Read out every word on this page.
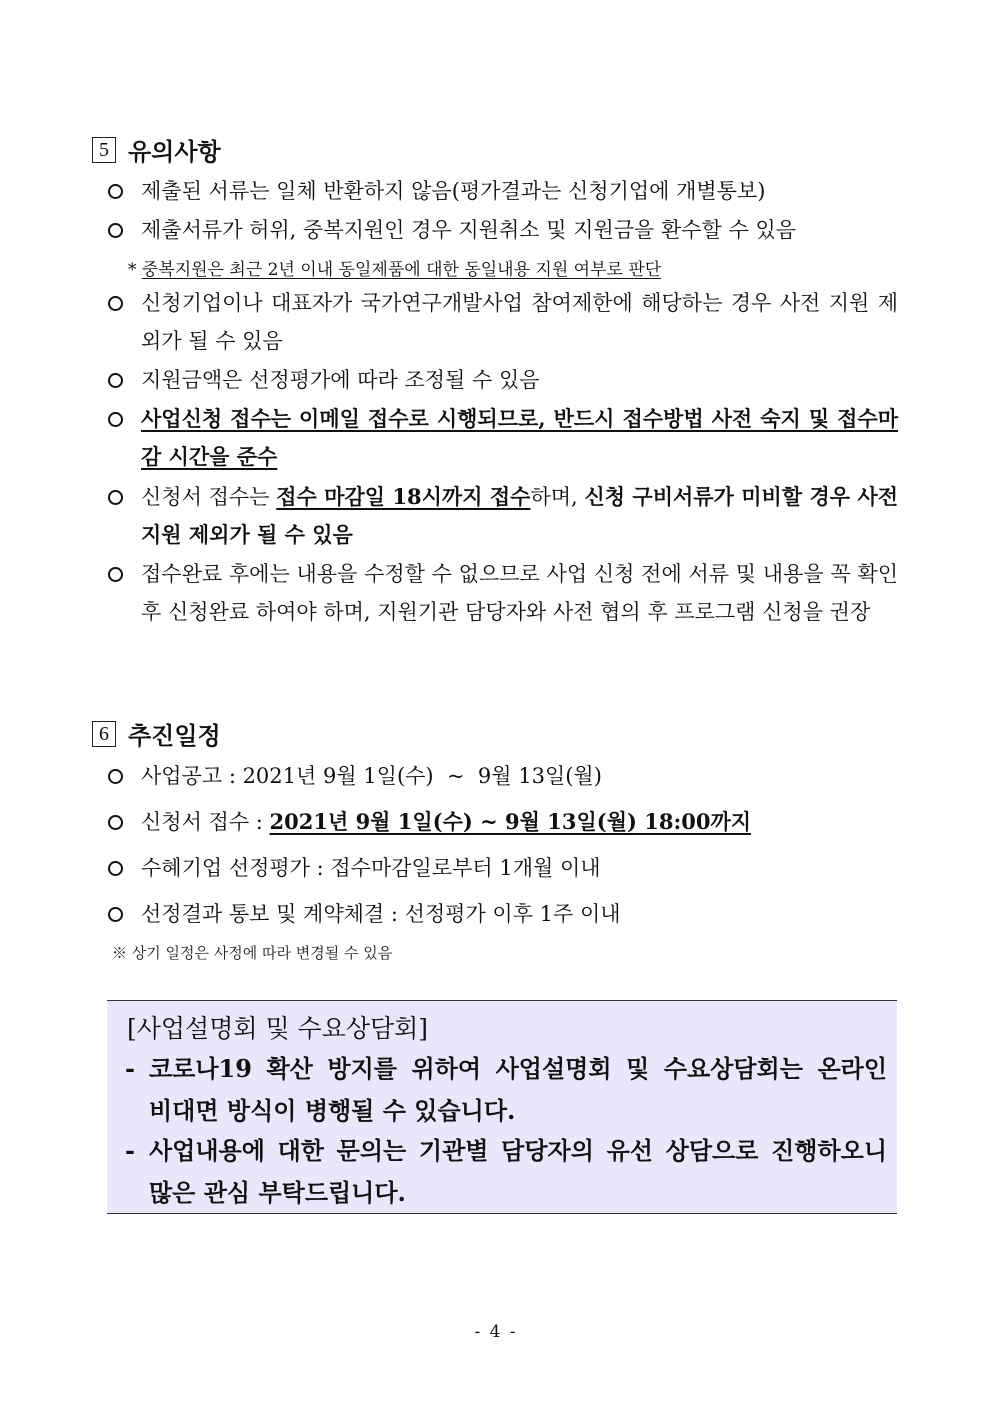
5 유의사항
제출된 서류는 일체 반환하지 않음(평가결과는 신청기업에 개별통보)
제출서류가 허위, 중복지원인 경우 지원취소 및 지원금을 환수할 수 있음
* 중복지원은 최근 2년 이내 동일제품에 대한 동일내용 지원 여부로 판단
신청기업이나 대표자가 국가연구개발사업 참여제한에 해당하는 경우 사전 지원 제외가 될 수 있음
지원금액은 선정평가에 따라 조정될 수 있음
사업신청 접수는 이메일 접수로 시행되므로, 반드시 접수방법 사전 숙지 및 접수마감 시간을 준수
신청서 접수는 접수 마감일 18시까지 접수하며, 신청 구비서류가 미비할 경우 사전 지원 제외가 될 수 있음
접수완료 후에는 내용을 수정할 수 없으므로 사업 신청 전에 서류 및 내용을 꼭 확인 후 신청완료 하여야 하며, 지원기관 담당자와 사전 협의 후 프로그램 신청을 권장
6 추진일정
사업공고 : 2021년 9월 1일(수)  ~  9월 13일(월)
신청서 접수 : 2021년 9월 1일(수) ~ 9월 13일(월) 18:00까지
수혜기업 선정평가 : 접수마감일로부터 1개월 이내
선정결과 통보 및 계약체결 : 선정평가 이후 1주 이내
※ 상기 일정은 사정에 따라 변경될 수 있음
[사업설명회 및 수요상담회]
- 코로나19 확산 방지를 위하여 사업설명회 및 수요상담회는 온라인
비대면 방식이 병행될 수 있습니다.
- 사업내용에 대한 문의는 기관별 담당자의 유선 상담으로 진행하오니
많은 관심 부탁드립니다.
- 4 -
